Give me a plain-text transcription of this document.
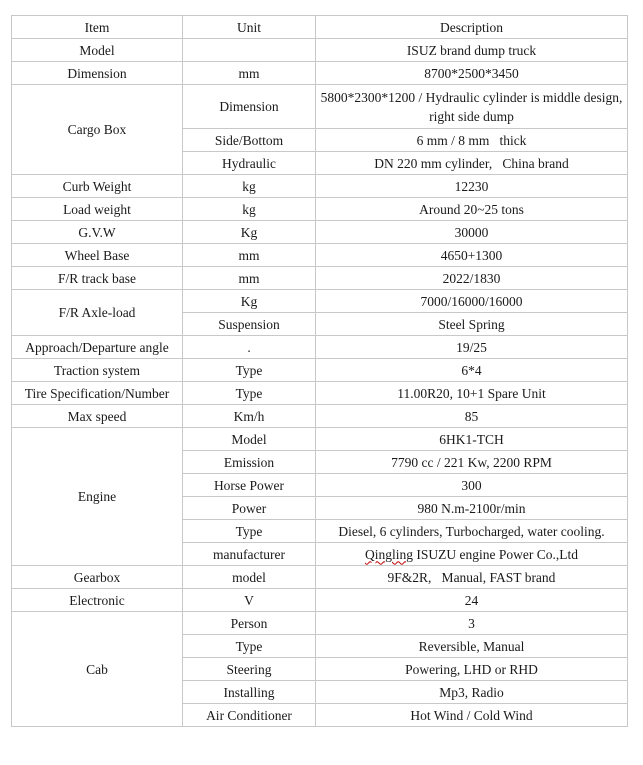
Item	Unit	Description
Model		ISUZ brand dump truck
Dimension	mm	8700*2500*3450
Cargo Box	Dimension	5800*2300*1200 / Hydraulic cylinder is middle design, right side dump
	Side/Bottom	6 mm / 8 mm   thick
	Hydraulic	DN 220 mm cylinder,   China brand
Curb Weight	kg	12230
Load weight	kg	Around 20~25 tons
G.V.W	Kg	30000
Wheel Base	mm	4650+1300
F/R track base	mm	2022/1830
F/R Axle-load	Kg	7000/16000/16000
	Suspension	Steel Spring
Approach/Departure angle	.	19/25
Traction system	Type	6*4
Tire Specification/Number	Type	11.00R20, 10+1 Spare Unit
Max speed	Km/h	85
Engine	Model	6HK1-TCH
	Emission	7790 cc / 221 Kw, 2200 RPM
	Horse Power	300
	Power	980 N.m-2100r/min
	Type	Diesel, 6 cylinders, Turbocharged, water cooling.
	manufacturer	Qingling ISUZU engine Power Co.,Ltd
Gearbox	model	9F&2R,   Manual, FAST brand
Electronic	V	24
Cab	Person	3
	Type	Reversible, Manual
	Steering	Powering, LHD or RHD
	Installing	Mp3, Radio
	Air Conditioner	Hot Wind / Cold Wind
